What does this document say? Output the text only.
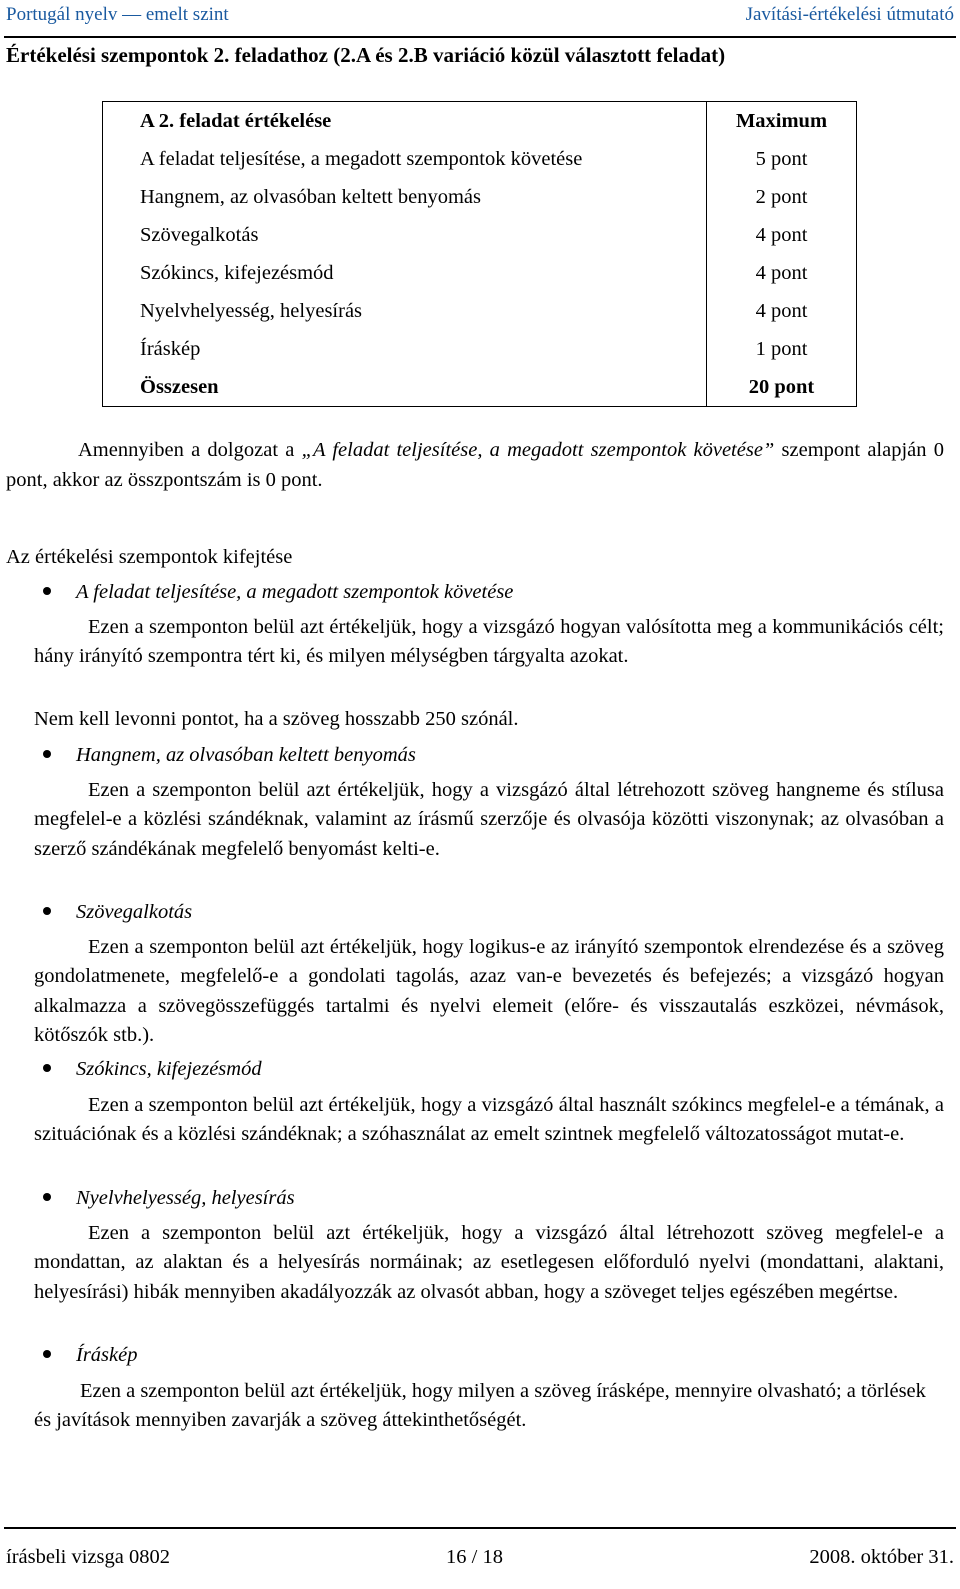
Portugál nyelv — emelt szint	Javítási-értékelési útmutató
Értékelési szempontok 2. feladathoz (2.A és 2.B variáció közül választott feladat)
A 2. feladat értékelése	Maximum
A feladat teljesítése, a megadott szempontok követése	5 pont
Hangnem, az olvasóban keltett benyomás	2 pont
Szövegalkotás	4 pont
Szókincs, kifejezésmód	4 pont
Nyelvhelyesség, helyesírás	4 pont
Íráskép	1 pont
Összesen	20 pont
Amennyiben a dolgozat a „A feladat teljesítése, a megadott szempontok követése” szempont alapján 0 pont, akkor az összpontszám is 0 pont.
Az értékelési szempontok kifejtése
A feladat teljesítése, a megadott szempontok követése
Ezen a szemponton belül azt értékeljük, hogy a vizsgázó hogyan valósította meg a kommunikációs célt; hány irányító szempontra tért ki, és milyen mélységben tárgyalta azokat.
Nem kell levonni pontot, ha a szöveg hosszabb 250 szónál.
Hangnem, az olvasóban keltett benyomás
Ezen a szemponton belül azt értékeljük, hogy a vizsgázó által létrehozott szöveg hangneme és stílusa megfelel-e a közlési szándéknak, valamint az írásmű szerzője és olvasója közötti viszonynak; az olvasóban a szerző szándékának megfelelő benyomást kelti-e.
Szövegalkotás
Ezen a szemponton belül azt értékeljük, hogy logikus-e az irányító szempontok elrendezése és a szöveg gondolatmenete, megfelelő-e a gondolati tagolás, azaz van-e bevezetés és befejezés; a vizsgázó hogyan alkalmazza a szövegösszefüggés tartalmi és nyelvi elemeit (előre- és visszautalás eszközei, névmások, kötőszók stb.).
Szókincs, kifejezésmód
Ezen a szemponton belül azt értékeljük, hogy a vizsgázó által használt szókincs megfelel-e a témának, a szituációnak és a közlési szándéknak; a szóhasználat az emelt szintnek megfelelő változatosságot mutat-e.
Nyelvhelyesség, helyesírás
Ezen a szemponton belül azt értékeljük, hogy a vizsgázó által létrehozott szöveg megfelel-e a mondattan, az alaktan és a helyesírás normáinak; az esetlegesen előforduló nyelvi (mondattani, alaktani, helyesírási) hibák mennyiben akadályozzák az olvasót abban, hogy a szöveget teljes egészében megértse.
Íráskép
Ezen a szemponton belül azt értékeljük, hogy milyen a szöveg írásképe, mennyire olvasható; a törlések és javítások mennyiben zavarják a szöveg áttekinthetőségét.
írásbeli vizsga 0802	16 / 18	2008. október 31.
